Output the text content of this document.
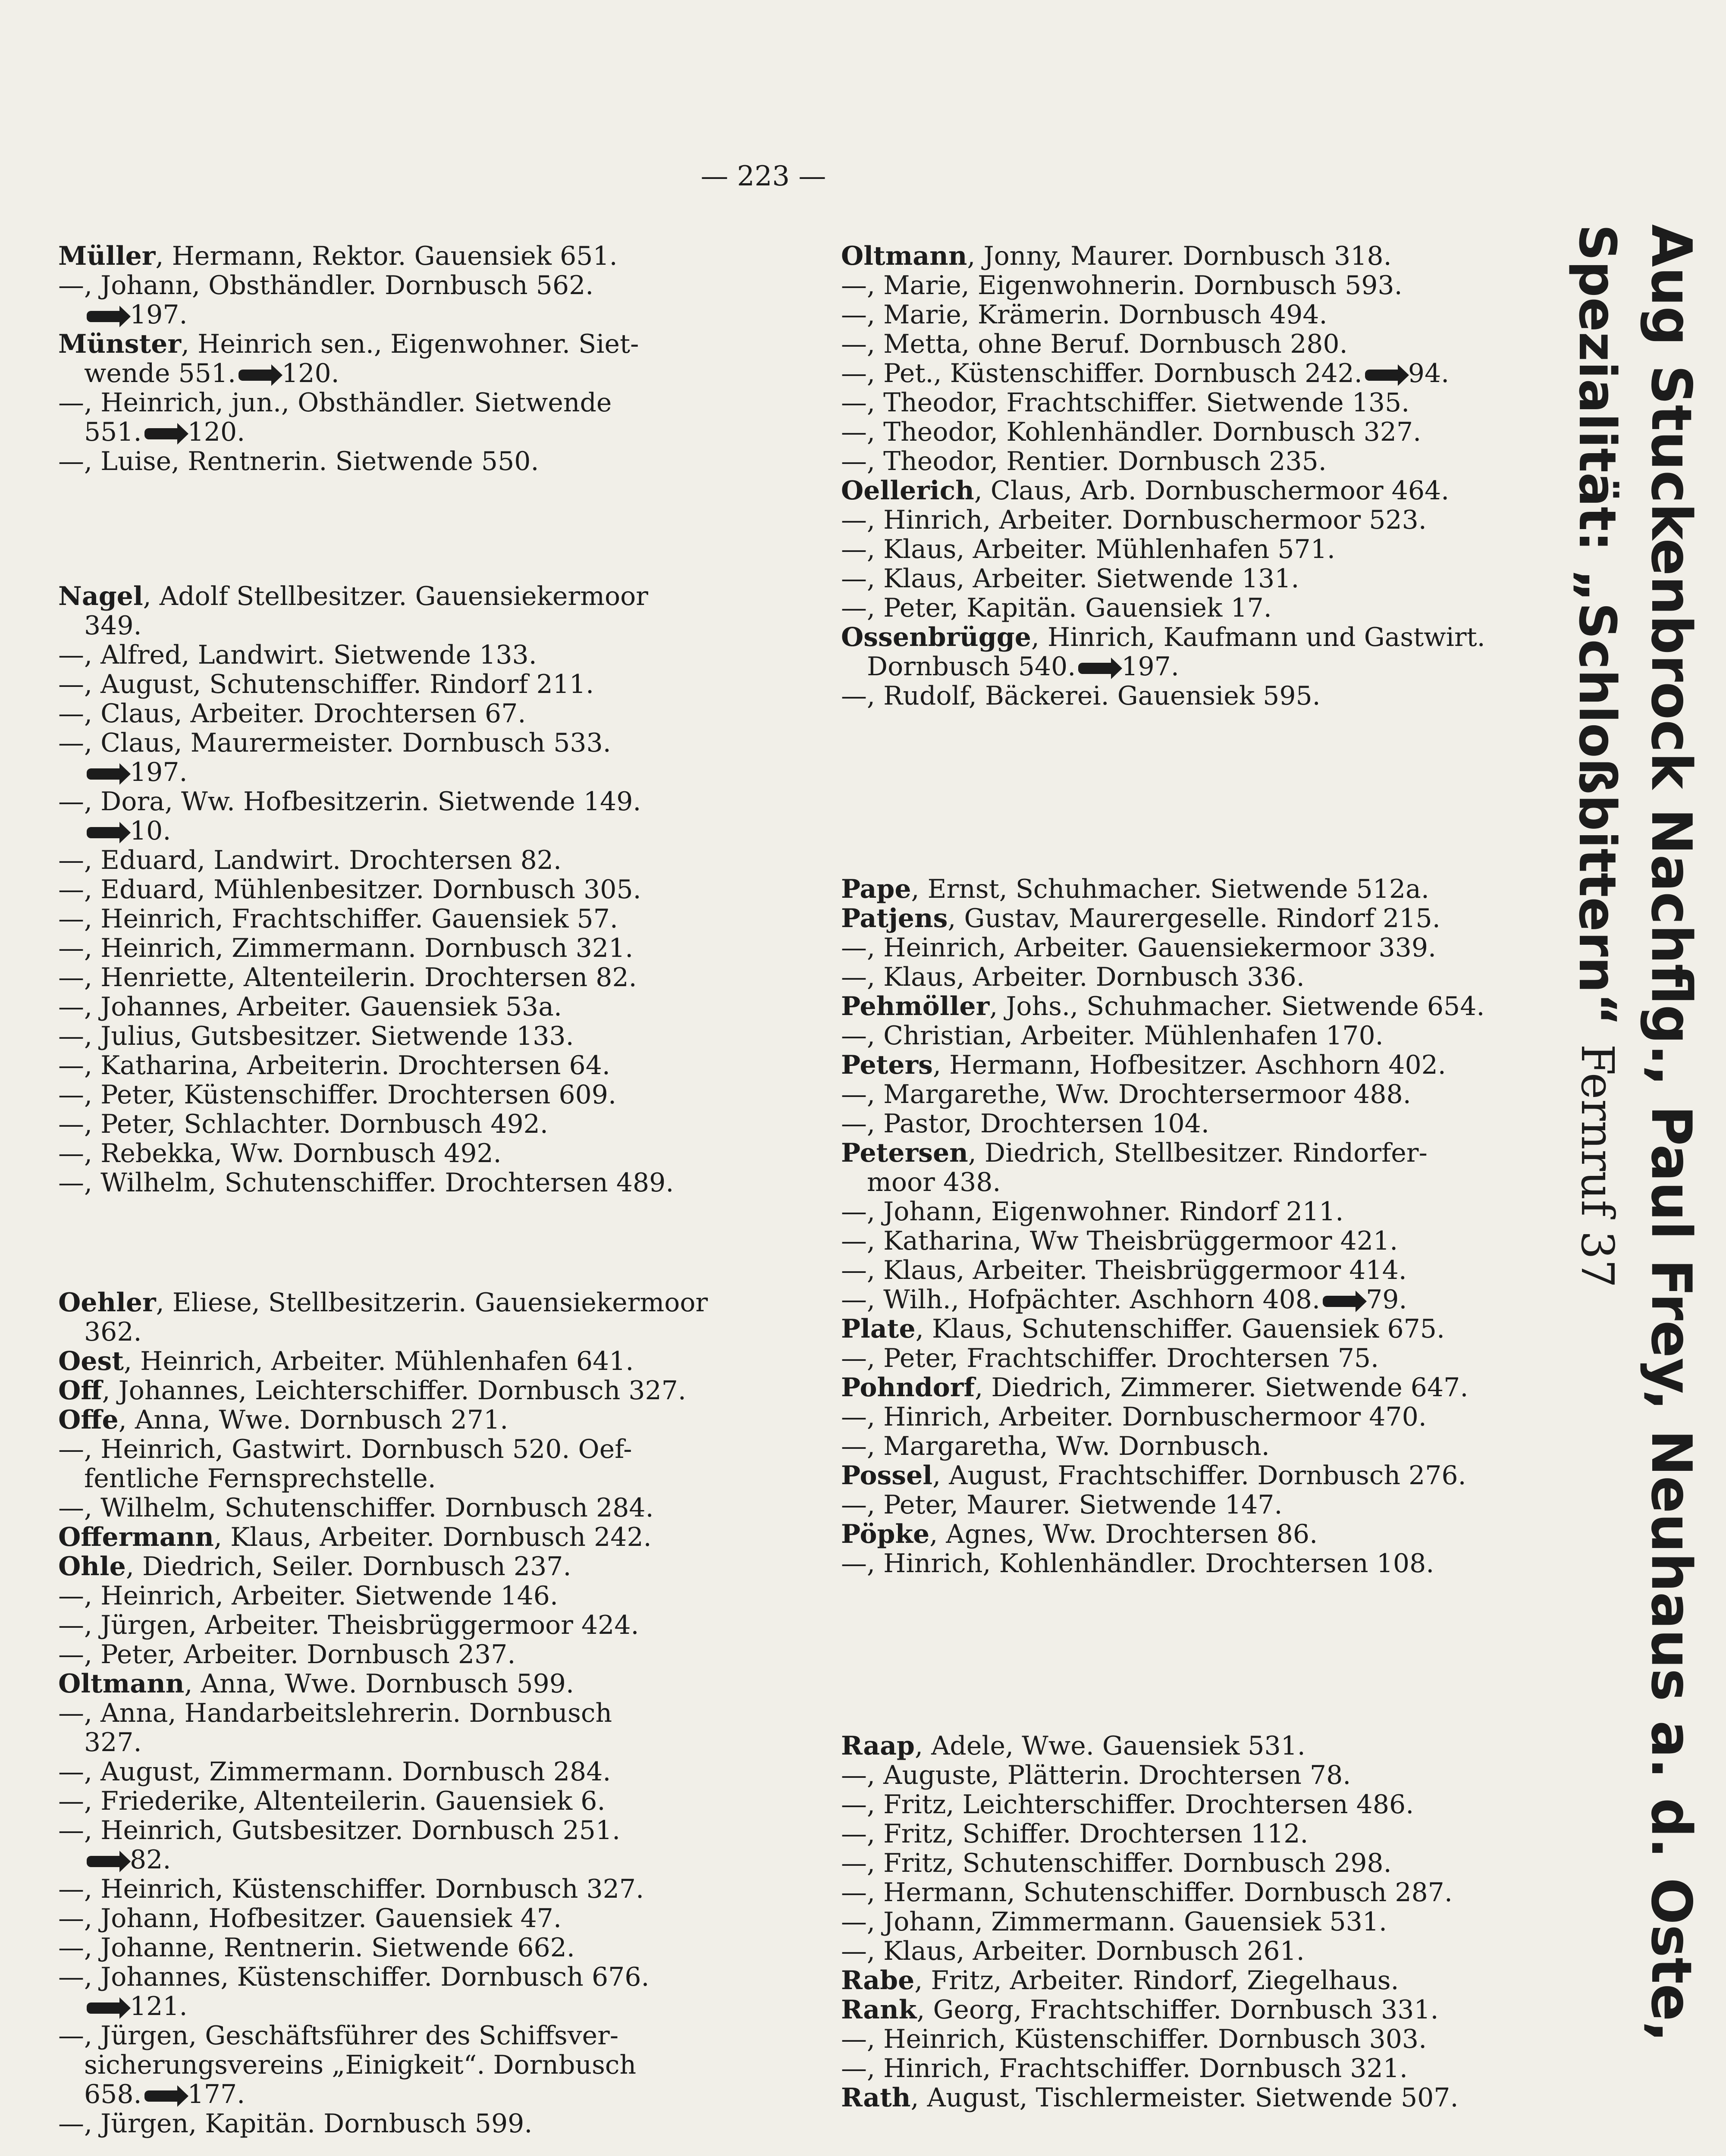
— 223 —
Müller, Hermann, Rektor. Gauensiek 651.
—, Johann, Obsthändler. Dornbusch 562.
197.
Münster, Heinrich sen., Eigenwohner. Siet-
wende 551. 120.
—, Heinrich, jun., Obsthändler. Sietwende
551. 120.
—, Luise, Rentnerin. Sietwende 550.
Nagel, Adolf Stellbesitzer. Gauensiekermoor
349.
—, Alfred, Landwirt. Sietwende 133.
—, August, Schutenschiffer. Rindorf 211.
—, Claus, Arbeiter. Drochtersen 67.
—, Claus, Maurermeister. Dornbusch 533.
197.
—, Dora, Ww. Hofbesitzerin. Sietwende 149.
10.
—, Eduard, Landwirt. Drochtersen 82.
—, Eduard, Mühlenbesitzer. Dornbusch 305.
—, Heinrich, Frachtschiffer. Gauensiek 57.
—, Heinrich, Zimmermann. Dornbusch 321.
—, Henriette, Altenteilerin. Drochtersen 82.
—, Johannes, Arbeiter. Gauensiek 53a.
—, Julius, Gutsbesitzer. Sietwende 133.
—, Katharina, Arbeiterin. Drochtersen 64.
—, Peter, Küstenschiffer. Drochtersen 609.
—, Peter, Schlachter. Dornbusch 492.
—, Rebekka, Ww. Dornbusch 492.
—, Wilhelm, Schutenschiffer. Drochtersen 489.
Oehler, Eliese, Stellbesitzerin. Gauensiekermoor
362.
Oest, Heinrich, Arbeiter. Mühlenhafen 641.
Off, Johannes, Leichterschiffer. Dornbusch 327.
Offe, Anna, Wwe. Dornbusch 271.
—, Heinrich, Gastwirt. Dornbusch 520. Oef-
fentliche Fernsprechstelle.
—, Wilhelm, Schutenschiffer. Dornbusch 284.
Offermann, Klaus, Arbeiter. Dornbusch 242.
Ohle, Diedrich, Seiler. Dornbusch 237.
—, Heinrich, Arbeiter. Sietwende 146.
—, Jürgen, Arbeiter. Theisbrüggermoor 424.
—, Peter, Arbeiter. Dornbusch 237.
Oltmann, Anna, Wwe. Dornbusch 599.
—, Anna, Handarbeitslehrerin. Dornbusch
327.
—, August, Zimmermann. Dornbusch 284.
—, Friederike, Altenteilerin. Gauensiek 6.
—, Heinrich, Gutsbesitzer. Dornbusch 251.
82.
—, Heinrich, Küstenschiffer. Dornbusch 327.
—, Johann, Hofbesitzer. Gauensiek 47.
—, Johanne, Rentnerin. Sietwende 662.
—, Johannes, Küstenschiffer. Dornbusch 676.
121.
—, Jürgen, Geschäftsführer des Schiffsver-
sicherungsvereins „Einigkeit“. Dornbusch
658. 177.
—, Jürgen, Kapitän. Dornbusch 599.
Oltmann, Jonny, Maurer. Dornbusch 318.
—, Marie, Eigenwohnerin. Dornbusch 593.
—, Marie, Krämerin. Dornbusch 494.
—, Metta, ohne Beruf. Dornbusch 280.
—, Pet., Küstenschiffer. Dornbusch 242. 94.
—, Theodor, Frachtschiffer. Sietwende 135.
—, Theodor, Kohlenhändler. Dornbusch 327.
—, Theodor, Rentier. Dornbusch 235.
Oellerich, Claus, Arb. Dornbuschermoor 464.
—, Hinrich, Arbeiter. Dornbuschermoor 523.
—, Klaus, Arbeiter. Mühlenhafen 571.
—, Klaus, Arbeiter. Sietwende 131.
—, Peter, Kapitän. Gauensiek 17.
Ossenbrügge, Hinrich, Kaufmann und Gastwirt.
Dornbusch 540. 197.
—, Rudolf, Bäckerei. Gauensiek 595.
Pape, Ernst, Schuhmacher. Sietwende 512a.
Patjens, Gustav, Maurergeselle. Rindorf 215.
—, Heinrich, Arbeiter. Gauensiekermoor 339.
—, Klaus, Arbeiter. Dornbusch 336.
Pehmöller, Johs., Schuhmacher. Sietwende 654.
—, Christian, Arbeiter. Mühlenhafen 170.
Peters, Hermann, Hofbesitzer. Aschhorn 402.
—, Margarethe, Ww. Drochtersermoor 488.
—, Pastor, Drochtersen 104.
Petersen, Diedrich, Stellbesitzer. Rindorfer-
moor 438.
—, Johann, Eigenwohner. Rindorf 211.
—, Katharina, Ww Theisbrüggermoor 421.
—, Klaus, Arbeiter. Theisbrüggermoor 414.
—, Wilh., Hofpächter. Aschhorn 408. 79.
Plate, Klaus, Schutenschiffer. Gauensiek 675.
—, Peter, Frachtschiffer. Drochtersen 75.
Pohndorf, Diedrich, Zimmerer. Sietwende 647.
—, Hinrich, Arbeiter. Dornbuschermoor 470.
—, Margaretha, Ww. Dornbusch.
Possel, August, Frachtschiffer. Dornbusch 276.
—, Peter, Maurer. Sietwende 147.
Pöpke, Agnes, Ww. Drochtersen 86.
—, Hinrich, Kohlenhändler. Drochtersen 108.
Raap, Adele, Wwe. Gauensiek 531.
—, Auguste, Plätterin. Drochtersen 78.
—, Fritz, Leichterschiffer. Drochtersen 486.
—, Fritz, Schiffer. Drochtersen 112.
—, Fritz, Schutenschiffer. Dornbusch 298.
—, Hermann, Schutenschiffer. Dornbusch 287.
—, Johann, Zimmermann. Gauensiek 531.
—, Klaus, Arbeiter. Dornbusch 261.
Rabe, Fritz, Arbeiter. Rindorf, Ziegelhaus.
Rank, Georg, Frachtschiffer. Dornbusch 331.
—, Heinrich, Küstenschiffer. Dornbusch 303.
—, Hinrich, Frachtschiffer. Dornbusch 321.
Rath, August, Tischlermeister. Sietwende 507.
Aug Stuckenbrock Nachflg., Paul Frey, Neuhaus a. d. Oste,
Spezialität: „Schloßbittern“ Fernruf 37
